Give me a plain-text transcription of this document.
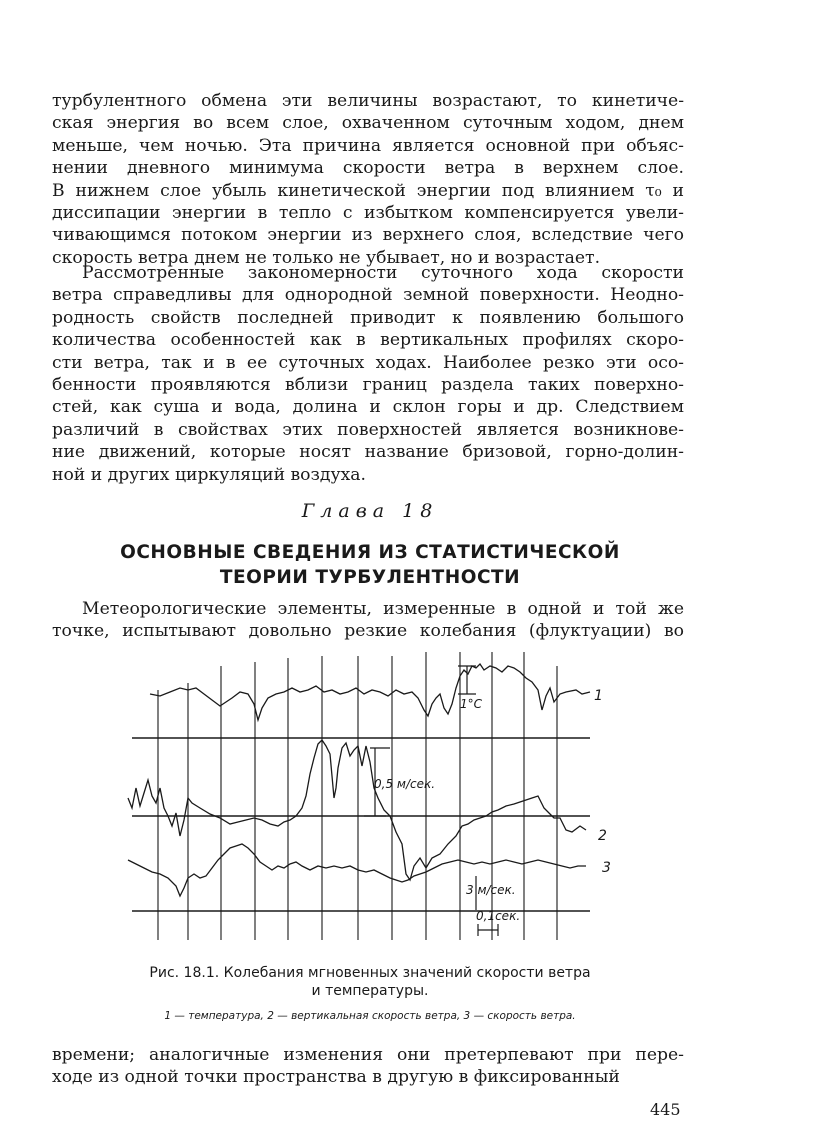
турбулентного обмена эти величины возрастают, то кинетиче-
ская энергия во всем слое, охваченном суточным ходом, днем
меньше, чем ночью. Эта причина является основной при объяс-
нении дневного минимума скорости ветра в верхнем слое.
В нижнем слое убыль кинетической энергии под влиянием τ₀ и
диссипации энергии в тепло с избытком компенсируется увели-
чивающимся потоком энергии из верхнего слоя, вследствие чего
скорость ветра днем не только не убывает, но и возрастает.
Рассмотренные закономерности суточного хода скорости
ветра справедливы для однородной земной поверхности. Неодно-
родность свойств последней приводит к появлению большого
количества особенностей как в вертикальных профилях скоро-
сти ветра, так и в ее суточных ходах. Наиболее резко эти осо-
бенности проявляются вблизи границ раздела таких поверхно-
стей, как суша и вода, долина и склон горы и др. Следствием
различий в свойствах этих поверхностей является возникнове-
ние движений, которые носят название бризовой, горно-долин-
ной и других циркуляций воздуха.
Глава 18
ОСНОВНЫЕ СВЕДЕНИЯ ИЗ СТАТИСТИЧЕСКОЙ
ТЕОРИИ ТУРБУЛЕНТНОСТИ
Метеорологические элементы, измеренные в одной и той же
точке, испытывают довольно резкие колебания (флуктуации) во
1
2
3
1°C
0,5 м/сек.
3 м/сек.
0,1сек.
Рис. 18.1. Колебания мгновенных значений скорости ветра
и температуры.
1 — температура, 2 — вертикальная скорость ветра, 3 — скорость ветра.
времени; аналогичные изменения они претерпевают при пере-
ходе из одной точки пространства в другую в фиксированный
445
